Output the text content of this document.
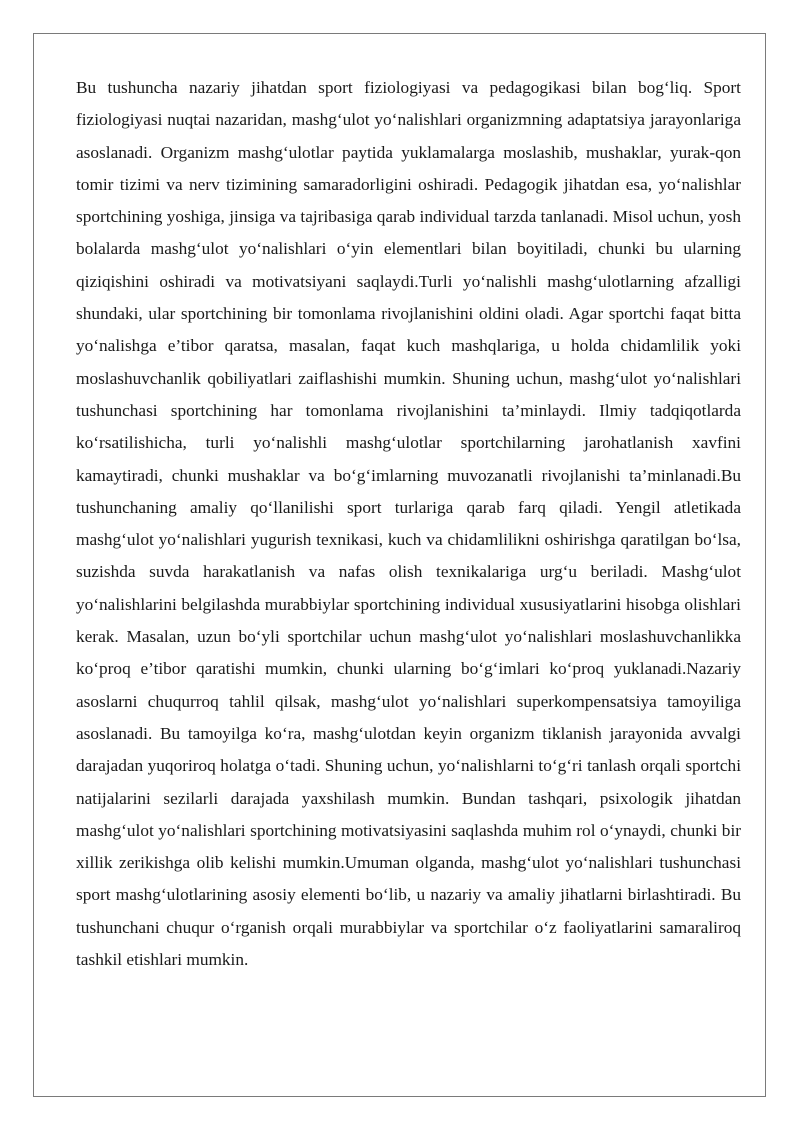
Bu tushuncha nazariy jihatdan sport fiziologiyasi va pedagogikasi bilan bog‘liq. Sport fiziologiyasi nuqtai nazaridan, mashg‘ulot yo‘nalishlari organizmning adaptatsiya jarayonlariga asoslanadi. Organizm mashg‘ulotlar paytida yuklamalarga moslashib, mushaklar, yurak-qon tomir tizimi va nerv tizimining samaradorligini oshiradi. Pedagogik jihatdan esa, yo‘nalishlar sportchining yoshiga, jinsiga va tajribasiga qarab individual tarzda tanlanadi. Misol uchun, yosh bolalarda mashg‘ulot yo‘nalishlari o‘yin elementlari bilan boyitiladi, chunki bu ularning qiziqishini oshiradi va motivatsiyani saqlaydi.Turli yo‘nalishli mashg‘ulotlarning afzalligi shundaki, ular sportchining bir tomonlama rivojlanishini oldini oladi. Agar sportchi faqat bitta yo‘nalishga e’tibor qaratsa, masalan, faqat kuch mashqlariga, u holda chidamlilik yoki moslashuvchanlik qobiliyatlari zaiflashishi mumkin. Shuning uchun, mashg‘ulot yo‘nalishlari tushunchasi sportchining har tomonlama rivojlanishini ta’minlaydi. Ilmiy tadqiqotlarda ko‘rsatilishicha, turli yo‘nalishli mashg‘ulotlar sportchilarning jarohatlanish xavfini kamaytiradi, chunki mushaklar va bo‘g‘imlarning muvozanatli rivojlanishi ta’minlanadi.Bu tushunchaning amaliy qo‘llanilishi sport turlariga qarab farq qiladi. Yengil atletikada mashg‘ulot yo‘nalishlari yugurish texnikasi, kuch va chidamlilikni oshirishga qaratilgan bo‘lsa, suzishda suvda harakatlanish va nafas olish texnikalariga urg‘u beriladi. Mashg‘ulot yo‘nalishlarini belgilashda murabbiylar sportchining individual xususiyatlarini hisobga olishlari kerak. Masalan, uzun bo‘yli sportchilar uchun mashg‘ulot yo‘nalishlari moslashuvchanlikka ko‘proq e’tibor qaratishi mumkin, chunki ularning bo‘g‘imlari ko‘proq yuklanadi.Nazariy asoslarni chuqurroq tahlil qilsak, mashg‘ulot yo‘nalishlari superkompensatsiya tamoyiliga asoslanadi. Bu tamoyilga ko‘ra, mashg‘ulotdan keyin organizm tiklanish jarayonida avvalgi darajadan yuqoriroq holatga o‘tadi. Shuning uchun, yo‘nalishlarni to‘g‘ri tanlash orqali sportchi natijalarini sezilarli darajada yaxshilash mumkin. Bundan tashqari, psixologik jihatdan mashg‘ulot yo‘nalishlari sportchining motivatsiyasini saqlashda muhim rol o‘ynaydi, chunki bir xillik zerikishga olib kelishi mumkin.Umuman olganda, mashg‘ulot yo‘nalishlari tushunchasi sport mashg‘ulotlarining asosiy elementi bo‘lib, u nazariy va amaliy jihatlarni birlashtiradi. Bu tushunchani chuqur o‘rganish orqali murabbiylar va sportchilar o‘z faoliyatlarini samaraliroq tashkil etishlari mumkin.
